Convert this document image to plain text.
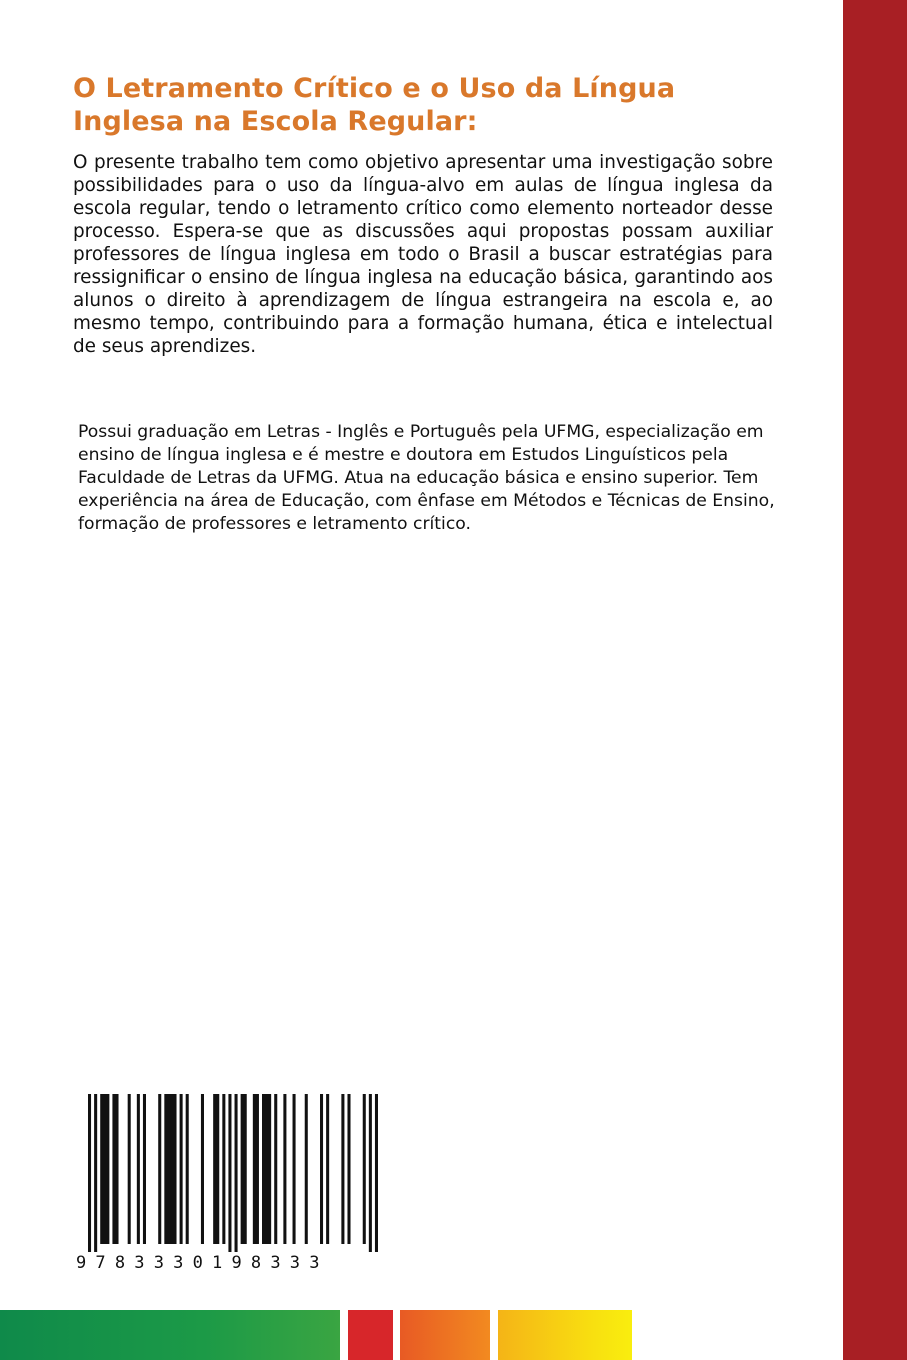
O Letramento Crítico e o Uso da Língua Inglesa na Escola Regular:

O presente trabalho tem como objetivo apresentar uma investigação sobre possibilidades para o uso da língua-alvo em aulas de língua inglesa da escola regular, tendo o letramento crítico como elemento norteador desse processo. Espera-se que as discussões aqui propostas possam auxiliar professores de língua inglesa em todo o Brasil a buscar estratégias para ressignificar o ensino de língua inglesa na educação básica, garantindo aos alunos o direito à aprendizagem de língua estrangeira na escola e, ao mesmo tempo, contribuindo para a formação humana, ética e intelectual de seus aprendizes.

Possui graduação em Letras - Inglês e Português pela UFMG, especialização em ensino de língua inglesa e é mestre e doutora em Estudos Linguísticos pela Faculdade de Letras da UFMG. Atua na educação básica e ensino superior. Tem experiência na área de Educação, com ênfase em Métodos e Técnicas de Ensino, formação de professores e letramento crítico.

9783330198333
